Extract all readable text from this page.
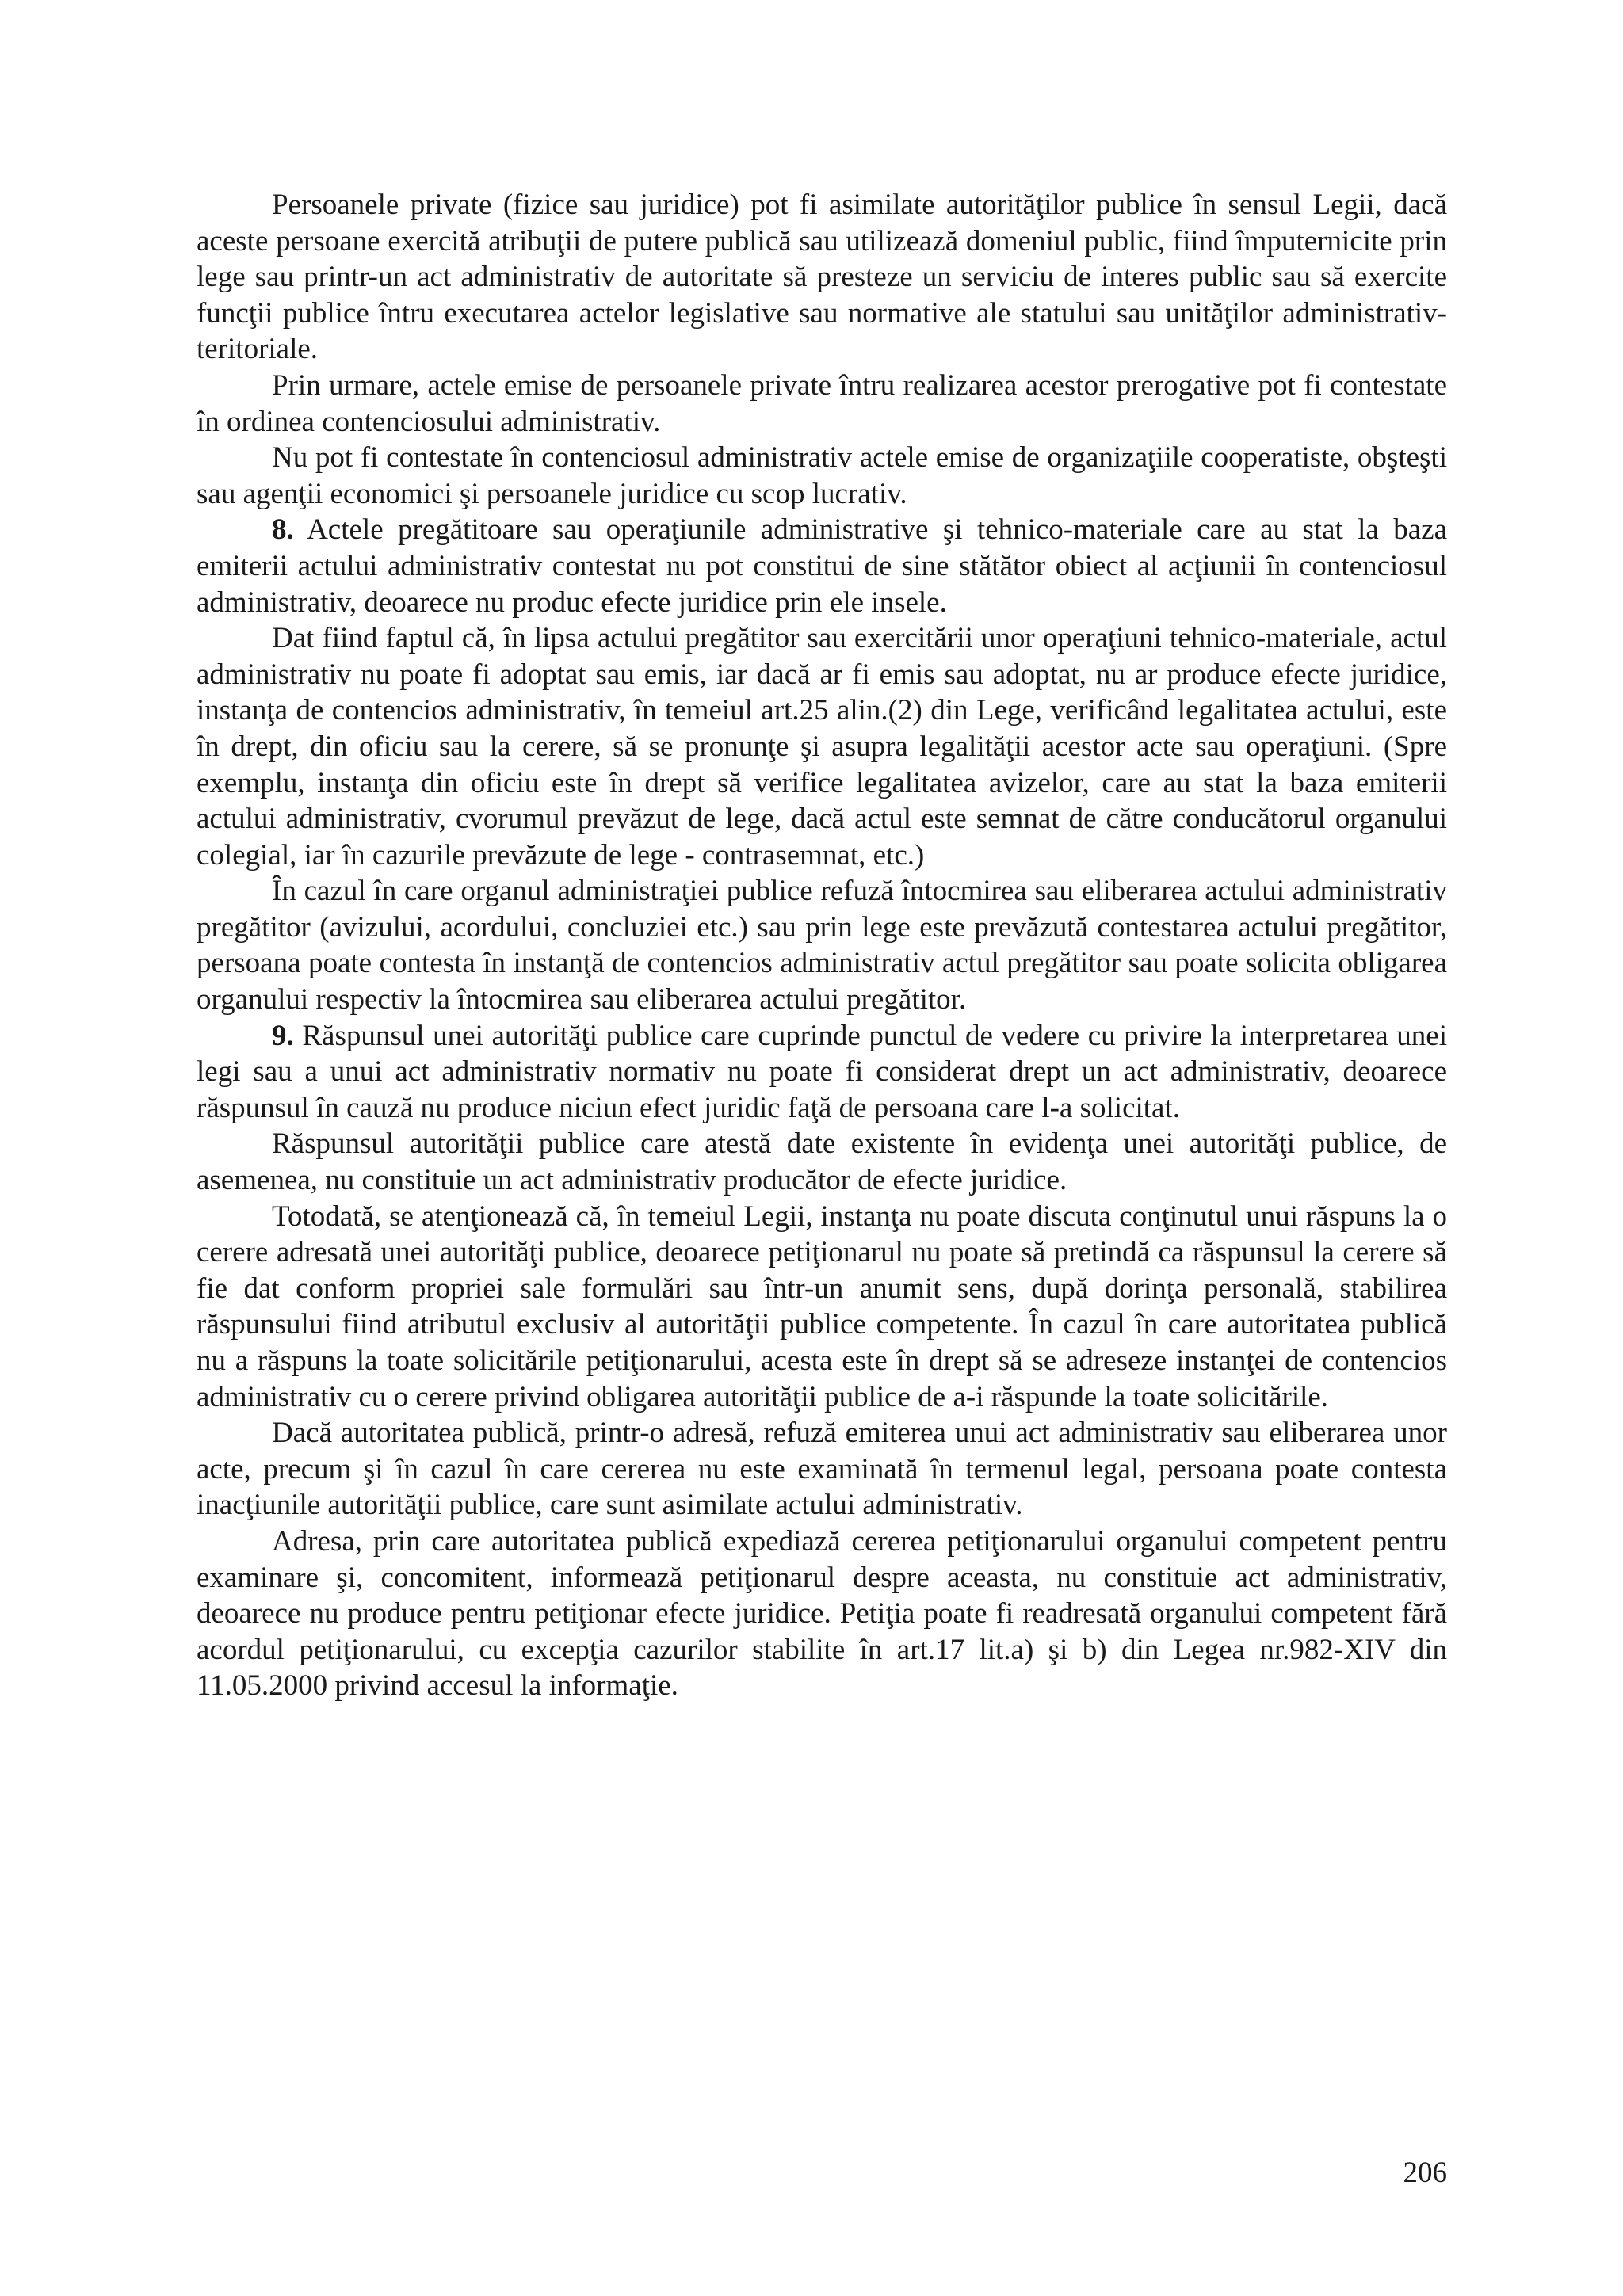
Persoanele private (fizice sau juridice) pot fi asimilate autorităţilor publice în sensul Legii, dacă aceste persoane exercită atribuţii de putere publică sau utilizează domeniul public, fiind împuternicite prin lege sau printr-un act administrativ de autoritate să presteze un serviciu de interes public sau să exercite funcţii publice întru executarea actelor legislative sau normative ale statului sau unităţilor administrativ-teritoriale.

Prin urmare, actele emise de persoanele private întru realizarea acestor prerogative pot fi contestate în ordinea contenciosului administrativ.

Nu pot fi contestate în contenciosul administrativ actele emise de organizaţiile cooperatiste, obşteşti sau agenţii economici şi persoanele juridice cu scop lucrativ.

8. Actele pregătitoare sau operaţiunile administrative şi tehnico-materiale care au stat la baza emiterii actului administrativ contestat nu pot constitui de sine stătător obiect al acţiunii în contenciosul administrativ, deoarece nu produc efecte juridice prin ele insele.

Dat fiind faptul că, în lipsa actului pregătitor sau exercitării unor operaţiuni tehnico-materiale, actul administrativ nu poate fi adoptat sau emis, iar dacă ar fi emis sau adoptat, nu ar produce efecte juridice, instanţa de contencios administrativ, în temeiul art.25 alin.(2) din Lege, verificând legalitatea actului, este în drept, din oficiu sau la cerere, să se pronunţe şi asupra legalităţii acestor acte sau operaţiuni. (Spre exemplu, instanţa din oficiu este în drept să verifice legalitatea avizelor, care au stat la baza emiterii actului administrativ, cvorumul prevăzut de lege, dacă actul este semnat de către conducătorul organului colegial, iar în cazurile prevăzute de lege - contrasemnat, etc.)

În cazul în care organul administraţiei publice refuză întocmirea sau eliberarea actului administrativ pregătitor (avizului, acordului, concluziei etc.) sau prin lege este prevăzută contestarea actului pregătitor, persoana poate contesta în instanţă de contencios administrativ actul pregătitor sau poate solicita obligarea organului respectiv la întocmirea sau eliberarea actului pregătitor.

9. Răspunsul unei autorităţi publice care cuprinde punctul de vedere cu privire la interpretarea unei legi sau a unui act administrativ normativ nu poate fi considerat drept un act administrativ, deoarece răspunsul în cauză nu produce niciun efect juridic faţă de persoana care l-a solicitat.

Răspunsul autorităţii publice care atestă date existente în evidenţa unei autorităţi publice, de asemenea, nu constituie un act administrativ producător de efecte juridice.

Totodată, se atenţionează că, în temeiul Legii, instanţa nu poate discuta conţinutul unui răspuns la o cerere adresată unei autorităţi publice, deoarece petiţionarul nu poate să pretindă ca răspunsul la cerere să fie dat conform propriei sale formulări sau într-un anumit sens, după dorinţa personală, stabilirea răspunsului fiind atributul exclusiv al autorităţii publice competente. În cazul în care autoritatea publică nu a răspuns la toate solicitările petiţionarului, acesta este în drept să se adreseze instanţei de contencios administrativ cu o cerere privind obligarea autorităţii publice de a-i răspunde la toate solicitările.

Dacă autoritatea publică, printr-o adresă, refuză emiterea unui act administrativ sau eliberarea unor acte, precum şi în cazul în care cererea nu este examinată în termenul legal, persoana poate contesta inacţiunile autorităţii publice, care sunt asimilate actului administrativ.

Adresa, prin care autoritatea publică expediază cererea petiţionarului organului competent pentru examinare şi, concomitent, informează petiţionarul despre aceasta, nu constituie act administrativ, deoarece nu produce pentru petiţionar efecte juridice. Petiţia poate fi readresată organului competent fără acordul petiţionarului, cu excepţia cazurilor stabilite în art.17 lit.a) şi b) din Legea nr.982-XIV din 11.05.2000 privind accesul la informaţie.

206
